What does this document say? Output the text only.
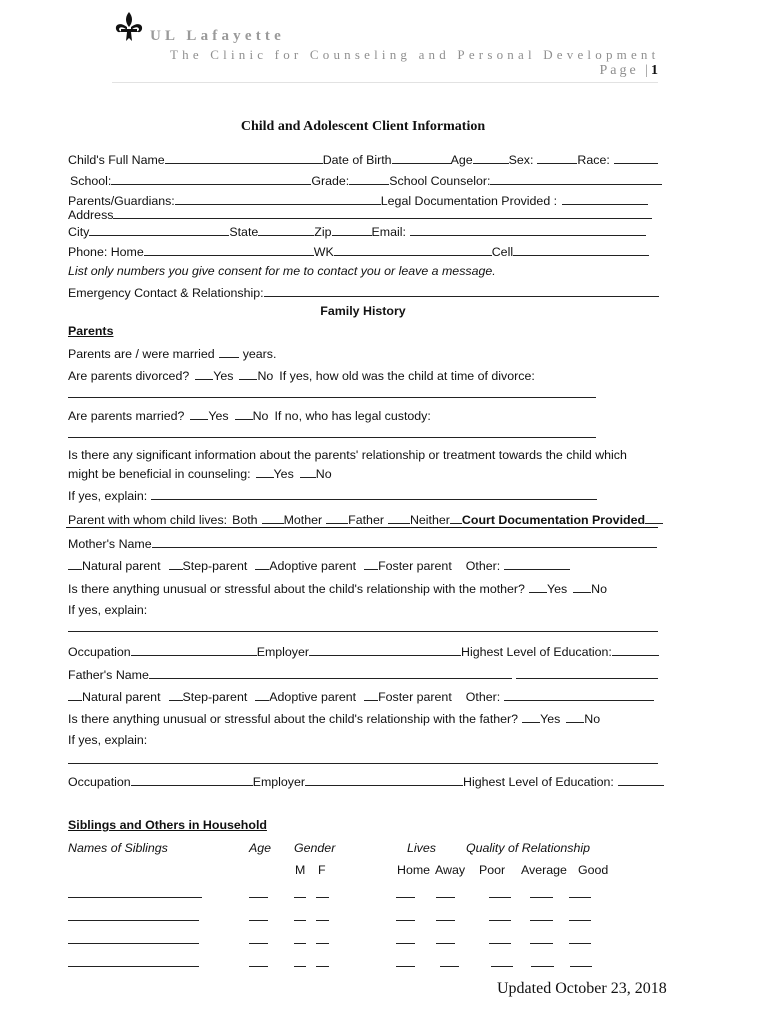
UL Lafayette
The Clinic for Counseling and Personal Development
Page |1
Child and Adolescent Client Information
Child's Full Name	Date of Birth	Age	Sex:	Race:
School:	Grade:	School Counselor:
Parents/Guardians:	Legal Documentation Provided :
Address
City	State	Zip	Email:
Phone: Home	WK	Cell
List only numbers you give consent for me to contact you or leave a message.
Emergency Contact & Relationship:
Family History
Parents
Parents are / were married years.
Are parents divorced? Yes No If yes, how old was the child at time of divorce:
Are parents married? Yes No If no, who has legal custody:
Is there any significant information about the parents' relationship or treatment towards the child which
might be beneficial in counseling: Yes No
If yes, explain:
Parent with whom child lives: Both Mother Father Neither Court Documentation Provided
Mother's Name
Natural parent Step-parent Adoptive parent Foster parent Other:
Is there anything unusual or stressful about the child's relationship with the mother? Yes No
If yes, explain:
Occupation	Employer	Highest Level of Education:
Father's Name
Natural parent Step-parent Adoptive parent Foster parent Other:
Is there anything unusual or stressful about the child's relationship with the father? Yes No
If yes, explain:
Occupation	Employer	Highest Level of Education:
Siblings and Others in Household
Names of Siblings	Age Gender	Lives Quality of Relationship
M F	Home Away Poor Average Good
Updated October 23, 2018
